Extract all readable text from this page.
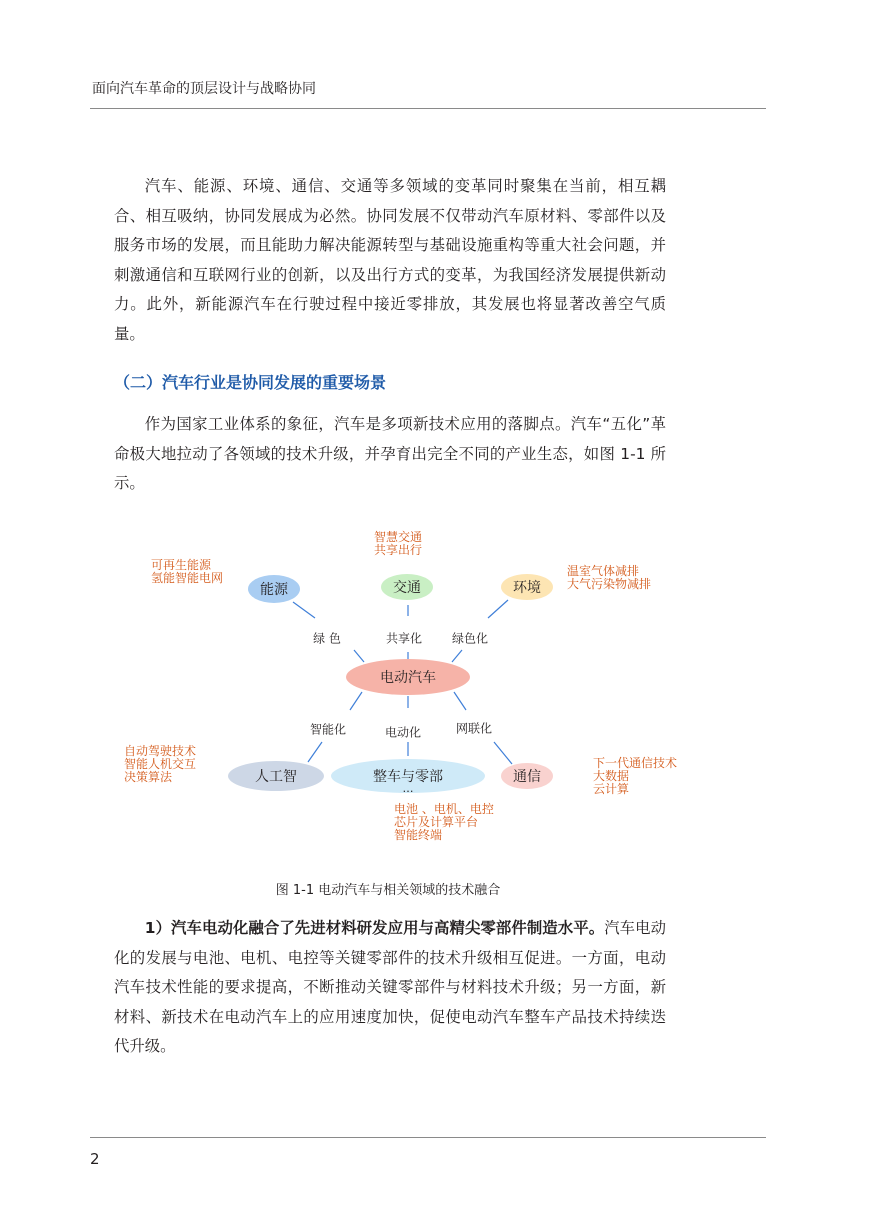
面向汽车革命的顶层设计与战略协同

汽车、能源、环境、通信、交通等多领域的变革同时聚集在当前，相互耦合、相互吸纳，协同发展成为必然。协同发展不仅带动汽车原材料、零部件以及服务市场的发展，而且能助力解决能源转型与基础设施重构等重大社会问题，并刺激通信和互联网行业的创新，以及出行方式的变革，为我国经济发展提供新动力。此外，新能源汽车在行驶过程中接近零排放，其发展也将显著改善空气质量。

（二）汽车行业是协同发展的重要场景

作为国家工业体系的象征，汽车是多项新技术应用的落脚点。汽车“五化”革命极大地拉动了各领域的技术升级，并孕育出完全不同的产业生态，如图 1-1 所示。

能源	交通	环境
电动汽车
人工智	整车与零部	通信
绿 色	共享化 绿色化
智能化	电动化	网联化
…
可再生能源
氢能智能电网
智慧交通
共享出行
温室气体减排
大气污染物减排
自动驾驶技术
智能人机交互
决策算法
电池 、电机、电控
芯片及计算平台
智能终端
下一代通信技术
大数据
云计算
图 1-1 电动汽车与相关领域的技术融合

1）汽车电动化融合了先进材料研发应用与高精尖零部件制造水平。汽车电动化的发展与电池、电机、电控等关键零部件的技术升级相互促进。一方面，电动汽车技术性能的要求提高，不断推动关键零部件与材料技术升级；另一方面，新材料、新技术在电动汽车上的应用速度加快，促使电动汽车整车产品技术持续迭代升级。

2
